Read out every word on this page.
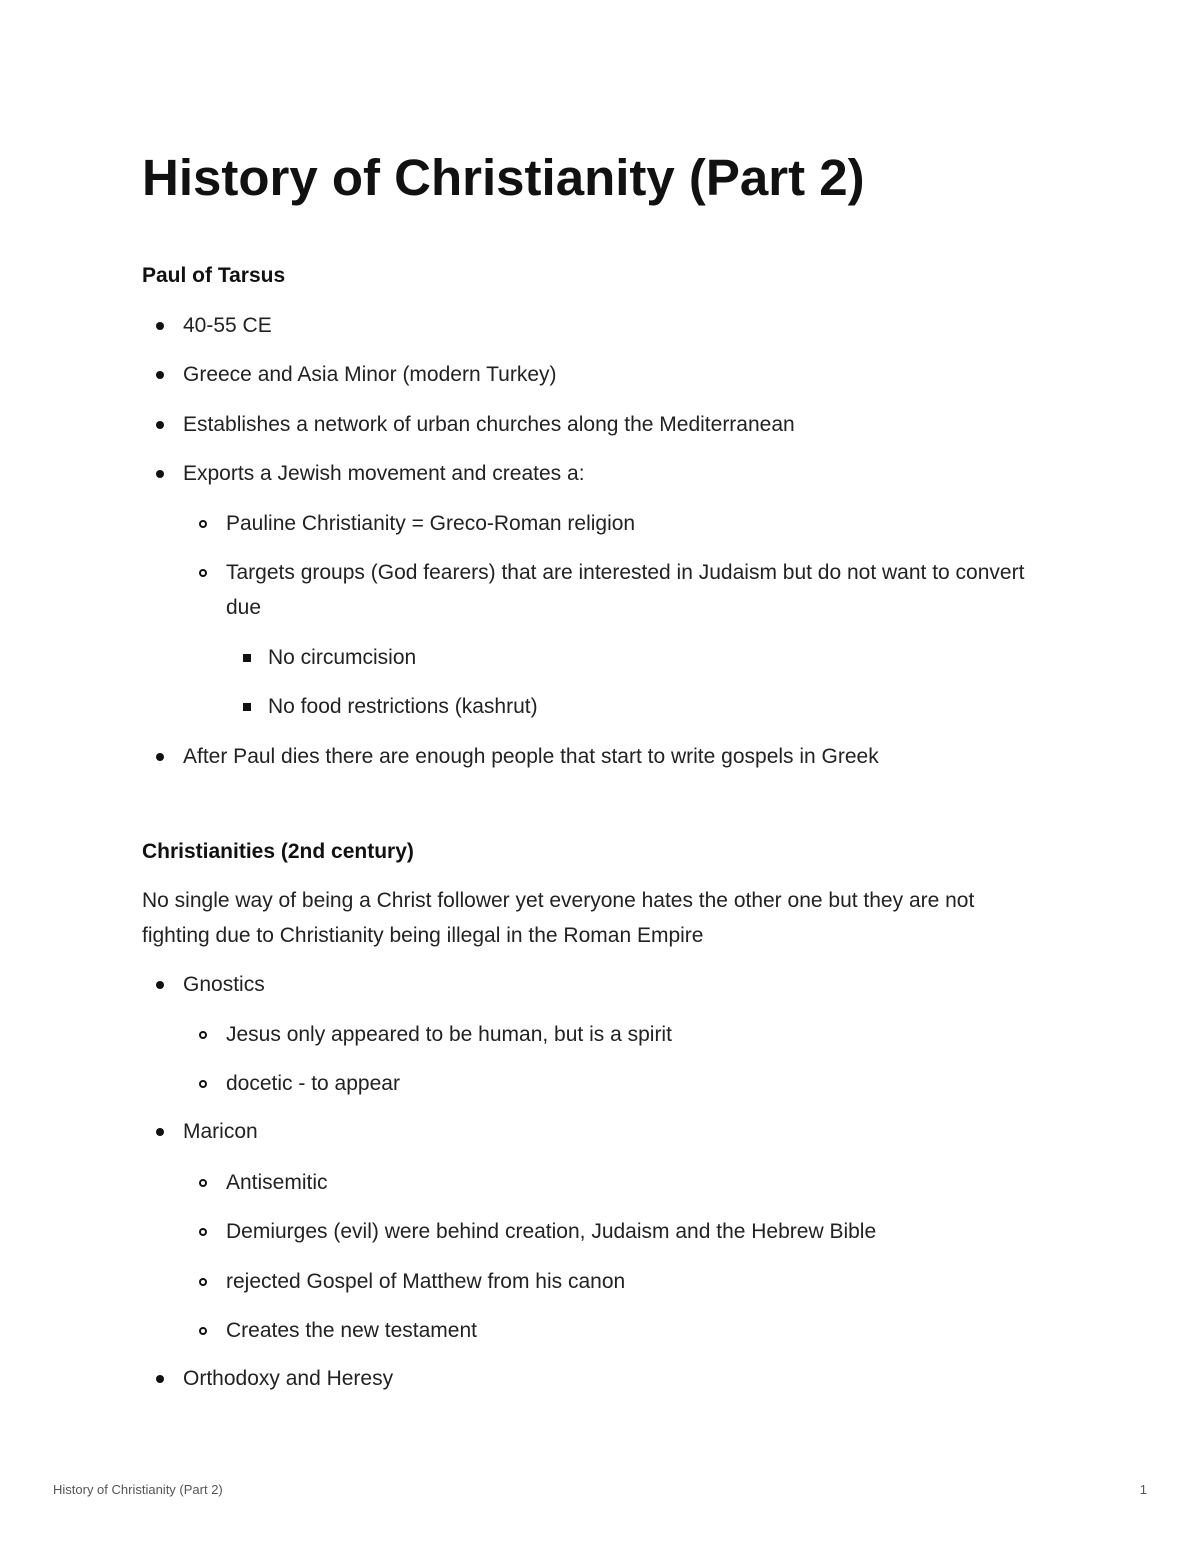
History of Christianity (Part 2)
Paul of Tarsus
40-55 CE
Greece and Asia Minor (modern Turkey)
Establishes a network of urban churches along the Mediterranean
Exports a Jewish movement and creates a:
Pauline Christianity = Greco-Roman religion
Targets groups (God fearers) that are interested in Judaism but do not want to convert due
No circumcision
No food restrictions (kashrut)
After Paul dies there are enough people that start to write gospels in Greek
Christianities (2nd century)

No single way of being a Christ follower yet everyone hates the other one but they are not fighting due to Christianity being illegal in the Roman Empire

Gnostics
Jesus only appeared to be human, but is a spirit
docetic - to appear
Maricon
Antisemitic
Demiurges (evil) were behind creation, Judaism and the Hebrew Bible
rejected Gospel of Matthew from his canon
Creates the new testament
Orthodoxy and Heresy
History of Christianity (Part 2)	1
